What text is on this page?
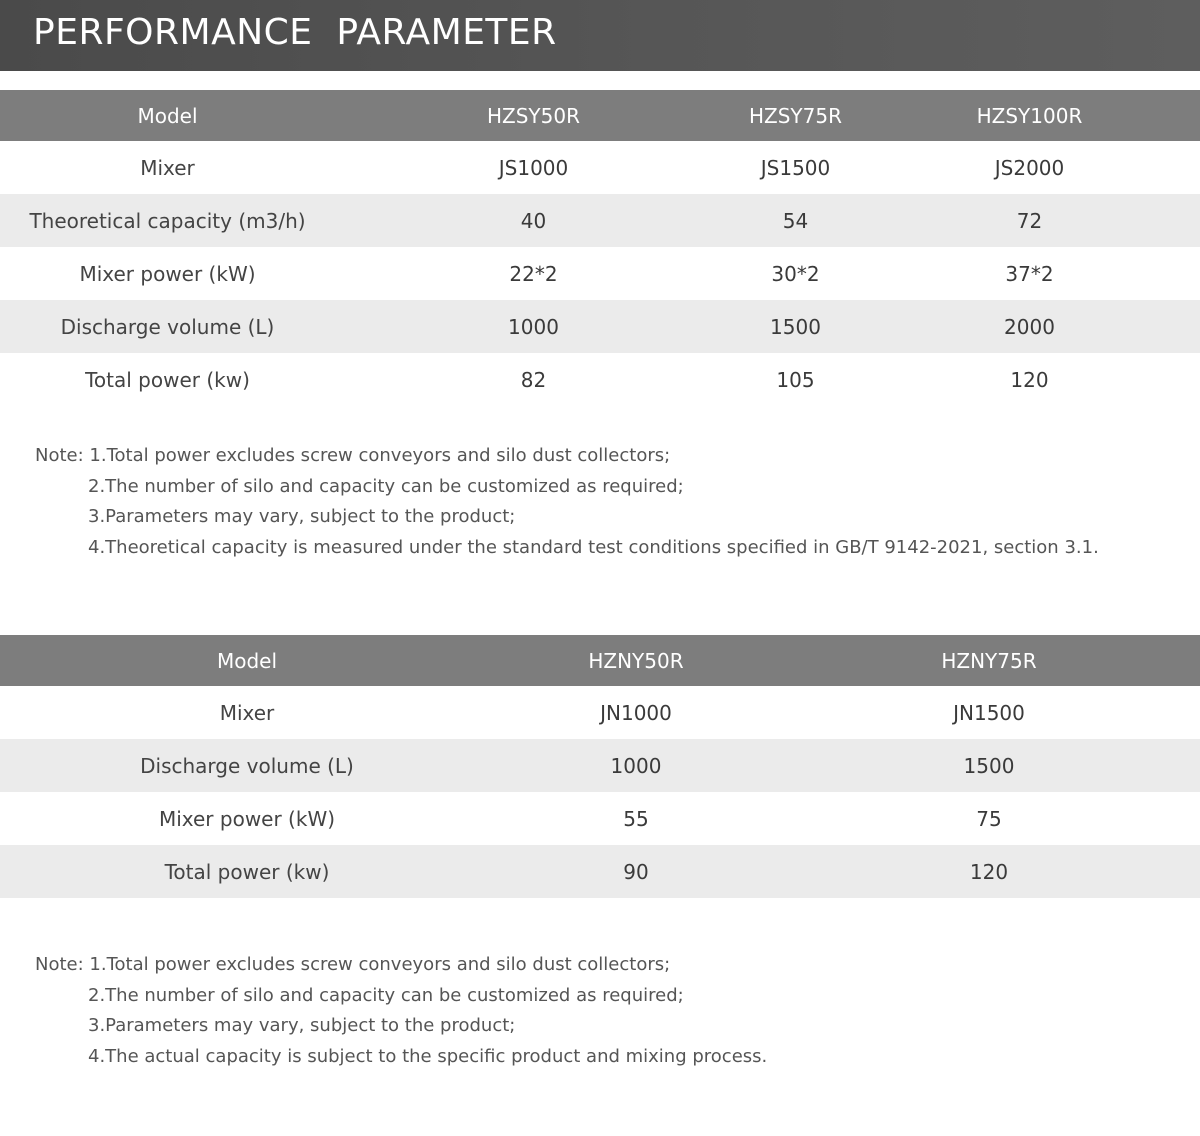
PERFORMANCE  PARAMETER
Model	HZSY50R	HZSY75R	HZSY100R
Mixer	JS1000	JS1500	JS2000
Theoretical capacity (m3/h)	40	54	72
Mixer power (kW)	22*2	30*2	37*2
Discharge volume (L)	1000	1500	2000
Total power (kw)	82	105	120
Note: 1.Total power excludes screw conveyors and silo dust collectors;
2.The number of silo and capacity can be customized as required;
3.Parameters may vary, subject to the product;
4.Theoretical capacity is measured under the standard test conditions specified in GB/T 9142-2021, section 3.1.
Model	HZNY50R	HZNY75R
Mixer	JN1000	JN1500
Discharge volume (L)	1000	1500
Mixer power (kW)	55	75
Total power (kw)	90	120
Note: 1.Total power excludes screw conveyors and silo dust collectors;
2.The number of silo and capacity can be customized as required;
3.Parameters may vary, subject to the product;
4.The actual capacity is subject to the specific product and mixing process.
